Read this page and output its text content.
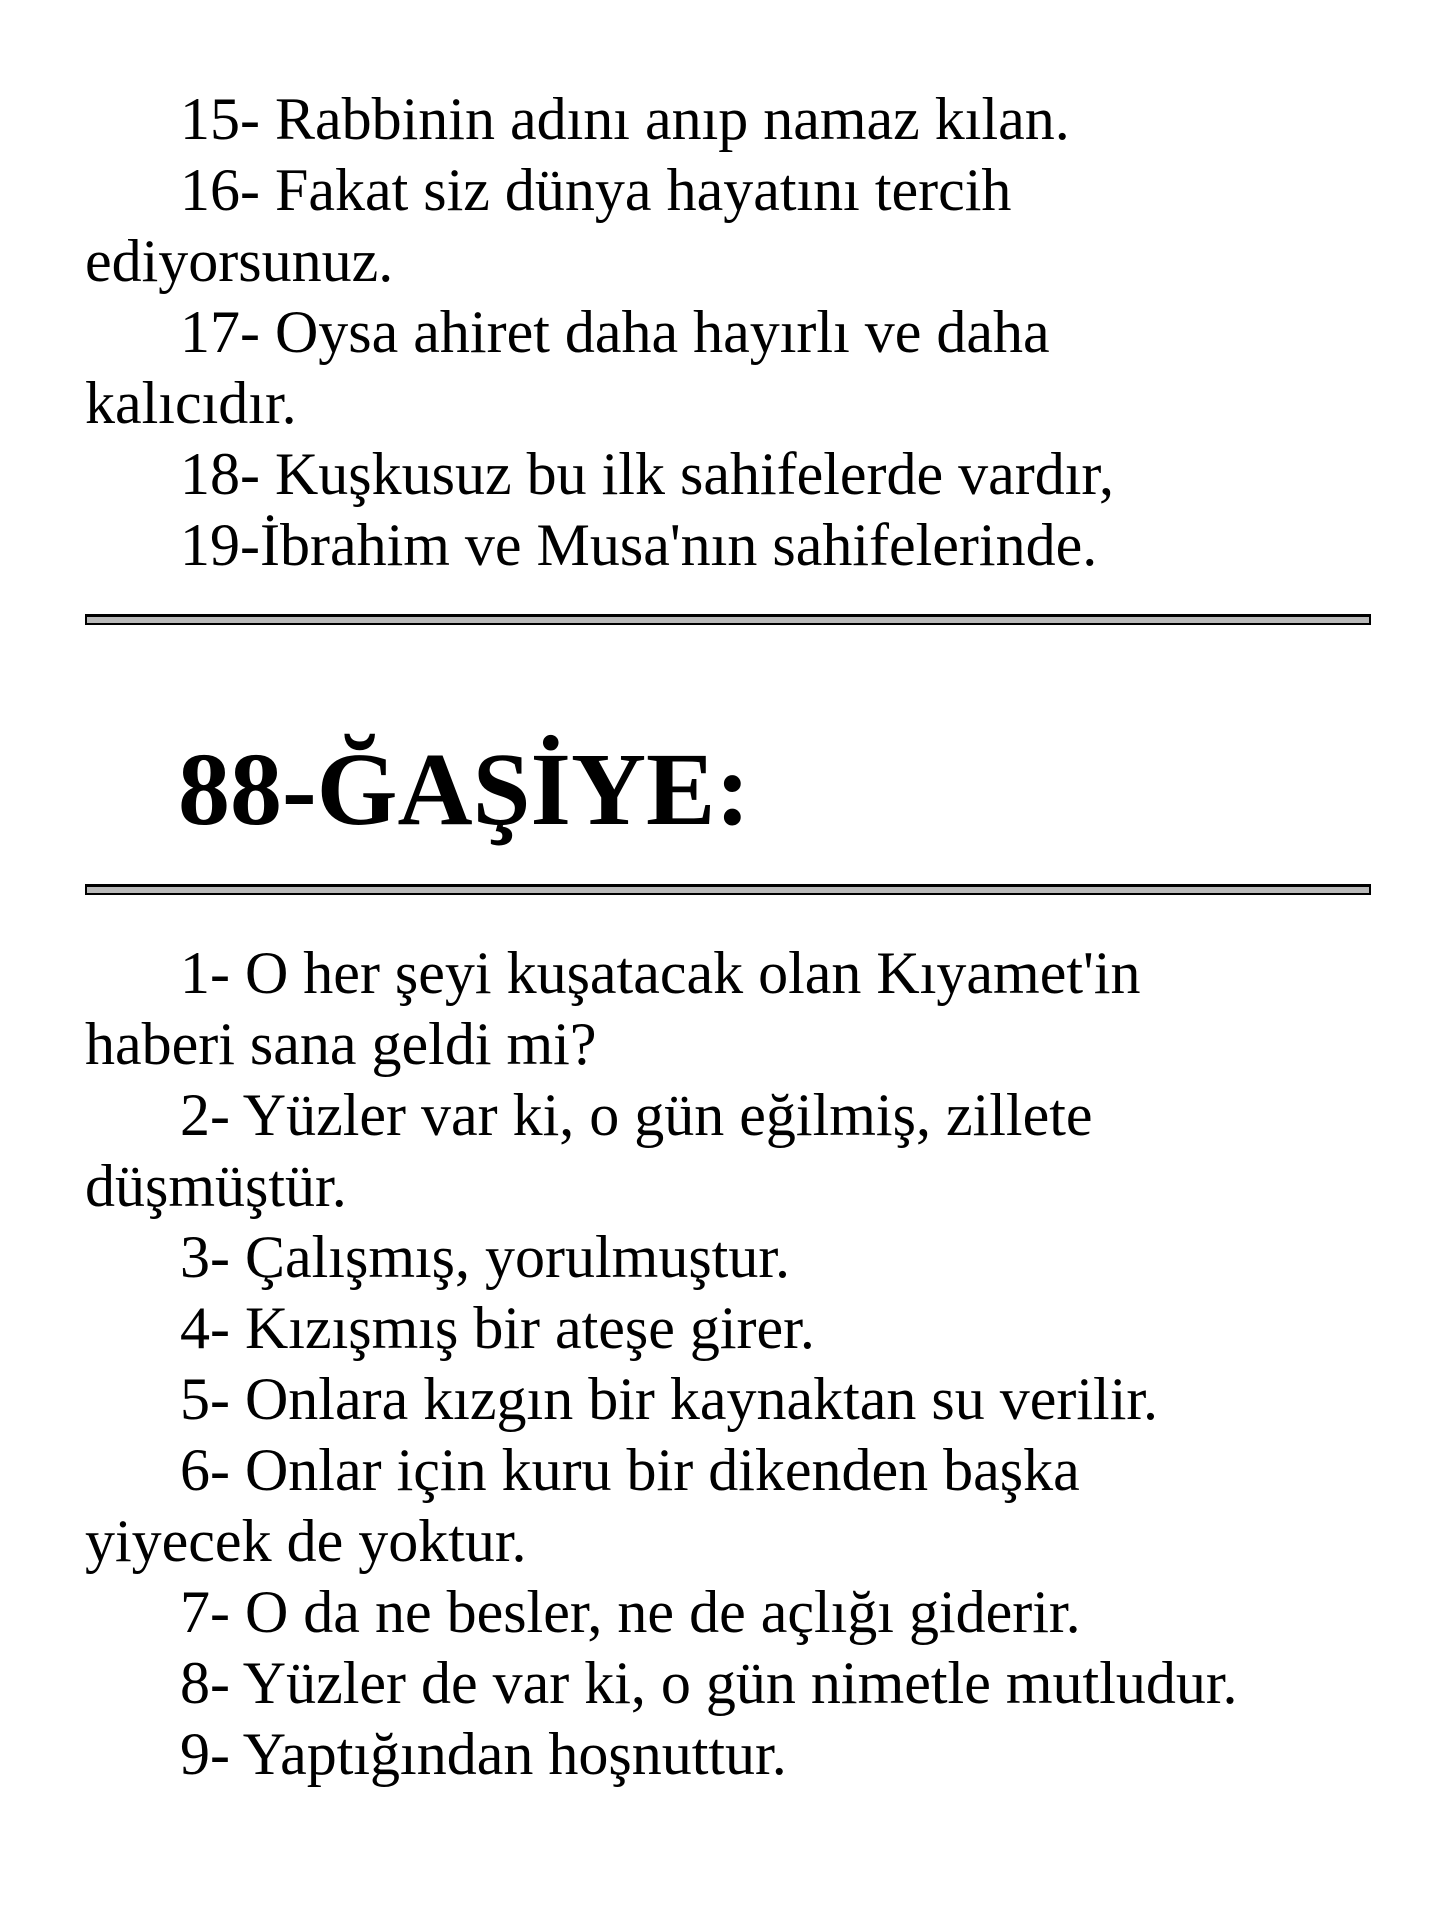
15- Rabbinin adını anıp namaz kılan.

16- Fakat siz dünya hayatını tercih ediyorsunuz.

17- Oysa ahiret daha hayırlı ve daha kalıcıdır.

18- Kuşkusuz bu ilk sahifelerde vardır,

19-İbrahim ve Musa'nın sahifelerinde.

88-ĞAŞİYE:

1- O her şeyi kuşatacak olan Kıyamet'in haberi sana geldi mi?

2- Yüzler var ki, o gün eğilmiş, zillete düşmüştür.

3- Çalışmış, yorulmuştur.

4- Kızışmış bir ateşe girer.

5- Onlara kızgın bir kaynaktan su verilir.

6- Onlar için kuru bir dikenden başka yiyecek de yoktur.

7- O da ne besler, ne de açlığı giderir.

8- Yüzler de var ki, o gün nimetle mutludur.

9- Yaptığından hoşnuttur.
